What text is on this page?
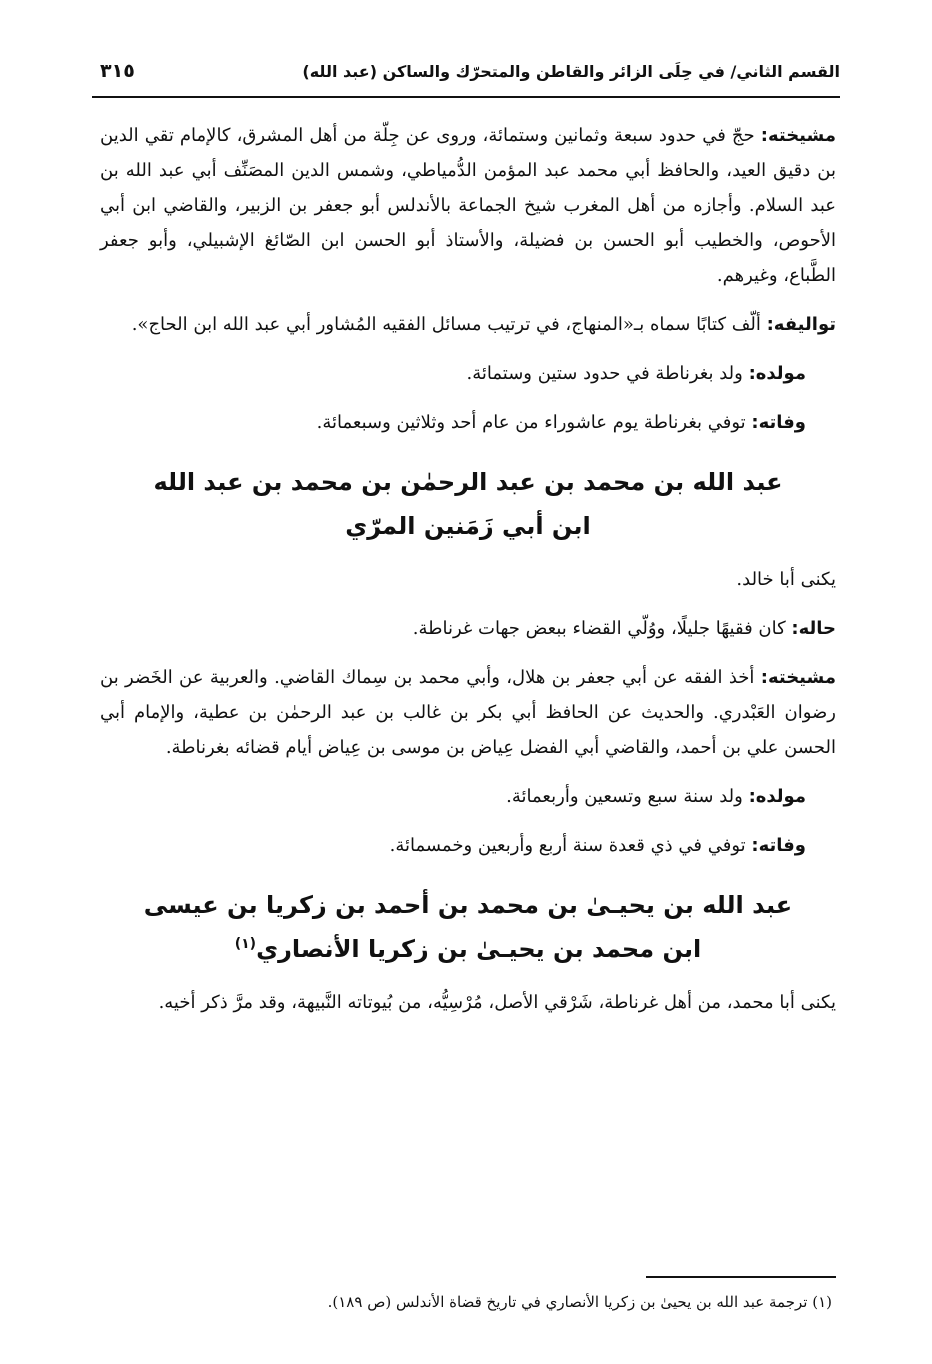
القسم الثاني/ في حِلَى الزائر والقاطن والمتحرّك والساكن (عبد الله)
٣١٥

مشيخته: حجّ في حدود سبعة وثمانين وستمائة، وروى عن جِلّة من أهل المشرق، كالإمام تقي الدين بن دقيق العيد، والحافظ أبي محمد عبد المؤمن الدُّمياطي، وشمس الدين المصَنِّف أبي عبد الله بن عبد السلام. وأجازه من أهل المغرب شيخ الجماعة بالأندلس أبو جعفر بن الزبير، والقاضي ابن أبي الأحوص، والخطيب أبو الحسن بن فضيلة، والأستاذ أبو الحسن ابن الصّائغ الإشبيلي، وأبو جعفر الطَّباع، وغيرهم.

تواليفه: ألّف كتابًا سماه بـ«المنهاج، في ترتيب مسائل الفقيه المُشاور أبي عبد الله ابن الحاج».

مولده: ولد بغرناطة في حدود ستين وستمائة.

وفاته: توفي بغرناطة يوم عاشوراء من عام أحد وثلاثين وسبعمائة.

عبد الله بن محمد بن عبد الرحمٰن بن محمد بن عبد الله
ابن أبي زَمَنين المرّي

يكنى أبا خالد.

حاله: كان فقيهًا جليلًا، ووُلّي القضاء ببعض جهات غرناطة.

مشيخته: أخذ الفقه عن أبي جعفر بن هلال، وأبي محمد بن سِماك القاضي. والعربية عن الخَضر بن رضوان العَبْدري. والحديث عن الحافظ أبي بكر بن غالب بن عبد الرحمٰن بن عطية، والإمام أبي الحسن علي بن أحمد، والقاضي أبي الفضل عِياض بن موسى بن عِياض أيام قضائه بغرناطة.

مولده: ولد سنة سبع وتسعين وأربعمائة.

وفاته: توفي في ذي قعدة سنة أربع وأربعين وخمسمائة.

عبد الله بن يحيـىٰ بن محمد بن أحمد بن زكريا بن عيسى
ابن محمد بن يحيـىٰ بن زكريا الأنصاري$^{(١)}$

يكنى أبا محمد، من أهل غرناطة، شَرْقي الأصل، مُرْسِيُّه، من بُيوتاته النَّبيهة، وقد مرَّ ذكر أخيه.

(١) ترجمة عبد الله بن يحيىٰ بن زكريا الأنصاري في تاريخ قضاة الأندلس (ص ١٨٩).
